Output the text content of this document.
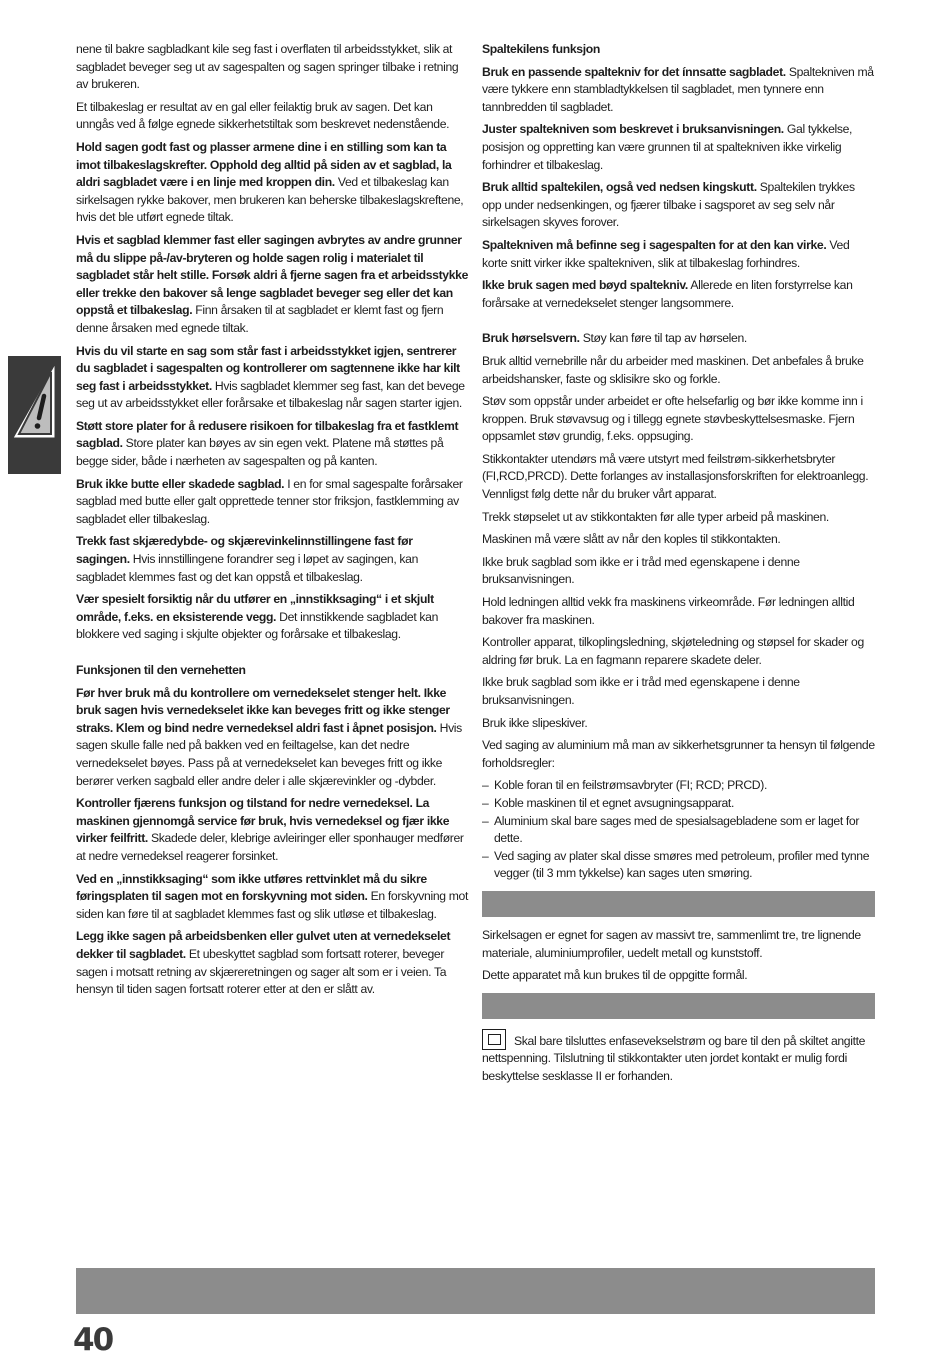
nene til bakre sagbladkant kile seg fast i overflaten til arbeidsstykket, slik at sagbladet beveger seg ut av sagespalten og sagen springer tilbake i retning av brukeren.

Et tilbakeslag er resultat av en gal eller feilaktig bruk av sagen. Det kan unngås ved å følge egnede sikkerhetstiltak som beskrevet nedenstående.

Hold sagen godt fast og plasser armene dine i en stilling som kan ta imot tilbakeslagskrefter. Opphold deg alltid på siden av et sagblad, la aldri sagbladet være i en linje med kroppen din. Ved et tilbakeslag kan sirkelsagen rykke bakover, men brukeren kan beherske tilbakeslagskreftene, hvis det ble utført egnede tiltak.

Hvis et sagblad klemmer fast eller sagingen avbrytes av andre grunner må du slippe på-/av-bryteren og holde sagen rolig i materialet til sagbladet står helt stille. Forsøk aldri å fjerne sagen fra et arbeidsstykke eller trekke den bakover så lenge sagbladet beveger seg eller det kan oppstå et tilbakeslag. Finn årsaken til at sagbladet er klemt fast og fjern denne årsaken med egnede tiltak.

Hvis du vil starte en sag som står fast i arbeidsstykket igjen, sentrerer du sagbladet i sagespalten og kontrollerer om sagtennene ikke har kilt seg fast i arbeidsstykket. Hvis sagbladet klemmer seg fast, kan det bevege seg ut av arbeidsstykket eller forårsake et tilbakeslag når sagen starter igjen.

Støtt store plater for å redusere risikoen for tilbakeslag fra et fastklemt sagblad. Store plater kan bøyes av sin egen vekt. Platene må støttes på begge sider, både i nærheten av sagespalten og på kanten.

Bruk ikke butte eller skadede sagblad. I en for smal sagespalte forårsaker sagblad med butte eller galt opprettede tenner stor friksjon, fastklemming av sagbladet eller tilbakeslag.

Trekk fast skjæredybde- og skjærevinkelinnstillingene fast før sagingen. Hvis innstillingene forandrer seg i løpet av sagingen, kan sagbladet klemmes fast og det kan oppstå et tilbakeslag.

Vær spesielt forsiktig når du utfører en „innstikksaging“ i et skjult område, f.eks. en eksisterende vegg. Det innstikkende sagbladet kan blokkere ved saging i skjulte objekter og forårsake et tilbakeslag.

Funksjonen til den vernehetten

Før hver bruk må du kontrollere om vernedekselet stenger helt. Ikke bruk sagen hvis vernedekselet ikke kan beveges fritt og ikke stenger straks. Klem og bind nedre vernedeksel aldri fast i åpnet posisjon. Hvis sagen skulle falle ned på bakken ved en feiltagelse, kan det nedre vernedekselet bøyes. Pass på at vernedekselet kan beveges fritt og ikke berører verken sagbald eller andre deler i alle skjærevinkler og -dybder.

Kontroller fjærens funksjon og tilstand for nedre vernedeksel. La maskinen gjennomgå service før bruk, hvis vernedeksel og fjær ikke virker feilfritt. Skadede deler, klebrige avleiringer eller sponhauger medfører at nedre vernedeksel reagerer forsinket.

Ved en „innstikksaging“ som ikke utføres rettvinklet må du sikre føringsplaten til sagen mot en forskyvning mot siden. En forskyvning mot siden kan føre til at sagbladet klemmes fast og slik utløse et tilbakeslag.

Legg ikke sagen på arbeidsbenken eller gulvet uten at vernedekselet dekker til sagbladet. Et ubeskyttet sagblad som fortsatt roterer, beveger sagen i motsatt retning av skjæreretningen og sager alt som er i veien. Ta hensyn til tiden sagen fortsatt roterer etter at den er slått av.

Spaltekilens funksjon

Bruk en passende spaltekniv for det ínnsatte sagbladet. Spaltekniven må være tykkere enn stambladtykkelsen til sagbladet, men tynnere enn tannbredden til sagbladet.

Juster spaltekniven som beskrevet i bruksanvisningen. Gal tykkelse, posisjon og oppretting kan være grunnen til at spaltekniven ikke virkelig forhindrer et tilbakeslag.

Bruk alltid spaltekilen, også ved nedsen kingskutt. Spaltekilen trykkes opp under nedsenkingen, og fjærer tilbake i sagsporet av seg selv når sirkelsagen skyves forover.

Spaltekniven må befinne seg i sagespalten for at den kan virke. Ved korte snitt virker ikke spaltekniven, slik at tilbakeslag forhindres.

Ikke bruk sagen med bøyd spaltekniv. Allerede en liten forstyrrelse kan forårsake at vernedekselet stenger langsommere.

Bruk hørselsvern. Støy kan føre til tap av hørselen.

Bruk alltid vernebrille når du arbeider med maskinen. Det anbefales å bruke arbeidshansker, faste og sklisikre sko og forkle.

Støv som oppstår under arbeidet er ofte helsefarlig og bør ikke komme inn i kroppen. Bruk støvavsug og i tillegg egnete støvbeskyttelsesmaske. Fjern oppsamlet støv grundig, f.eks. oppsuging.

Stikkontakter utendørs må være utstyrt med feilstrøm-sikkerhetsbryter (FI,RCD,PRCD). Dette forlanges av installasjonsforskriften for elektroanlegg. Vennligst følg dette når du bruker vårt apparat.

Trekk støpselet ut av stikkontakten før alle typer arbeid på maskinen.

Maskinen må være slått av når den koples til stikkontakten.

Ikke bruk sagblad som ikke er i tråd med egenskapene i denne bruksanvisningen.

Hold ledningen alltid vekk fra maskinens virkeområde. Før ledningen alltid bakover fra maskinen.

Kontroller apparat, tilkoplingsledning, skjøteledning og støpsel for skader og aldring før bruk. La en fagmann reparere skadete deler.

Ikke bruk sagblad som ikke er i tråd med egenskapene i denne bruksanvisningen.

Bruk ikke slipeskiver.

Ved saging av aluminium må man av sikkerhetsgrunner ta hensyn til følgende forholdsregler:

– Koble foran til en feilstrømsavbryter (FI; RCD; PRCD).
– Koble maskinen til et egnet avsugningsapparat.
– Aluminium skal bare sages med de spesialsagebladene som er laget for dette.
– Ved saging av plater skal disse smøres med petroleum, profiler med tynne vegger (til 3 mm tykkelse) kan sages uten smøring.

Sirkelsagen er egnet for sagen av massivt tre, sammenlimt tre, tre lignende materiale, aluminiumprofiler, uedelt metall og kunststoff.

Dette apparatet må kun brukes til de oppgitte formål.

Skal bare tilsluttes enfasevekselstrøm og bare til den på skiltet angitte nettspenning. Tilslutning til stikkontakter uten jordet kontakt er mulig fordi beskyttelse sesklasse II er forhanden.

40
